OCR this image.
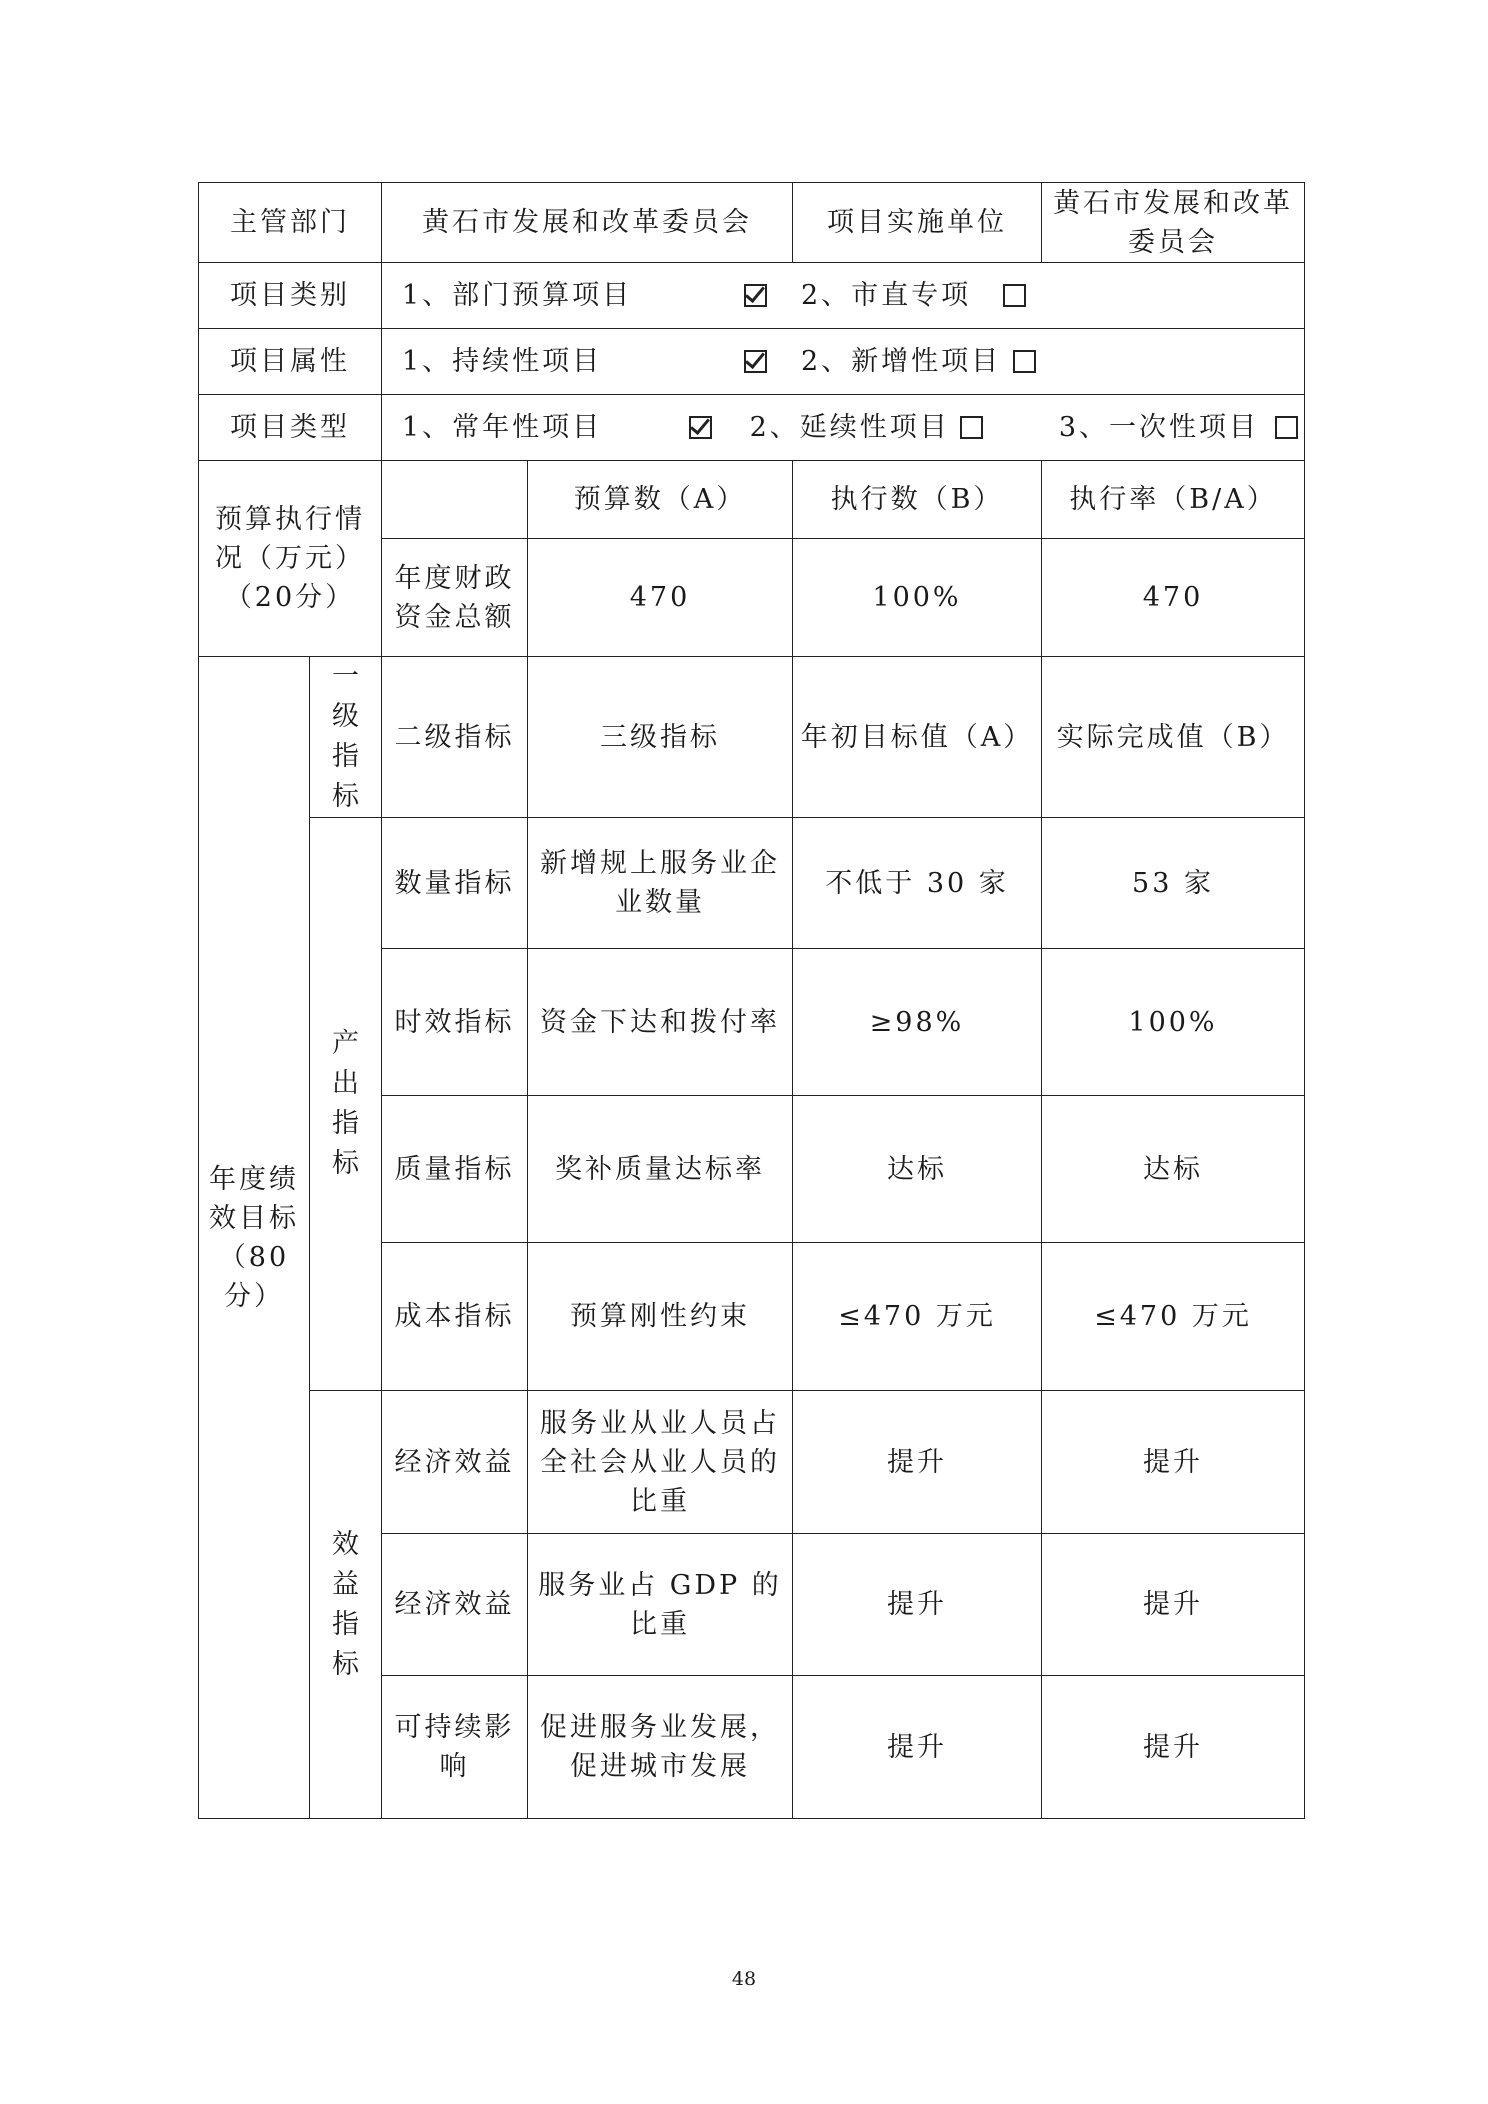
主管部门		黄石市发展和改革委员会		项目实施单位	黄石市发展和改革委员会
项目类别		1、部门预算项目 2、市直专项			

项目属性		1、持续性项目 2、新增性项目			

项目类型		1、常年性项目 2、延续性项目 3、一次性项目			

预算执行情况（万元）（20分）			预算数（A）	执行数（B）	执行率（B/A）
		年度财政资金总额	470	100%	470
年度绩效目标（80分）	一级指标	二级指标	三级指标	年初目标值（A）	实际完成值（B）
	产出指标	数量指标	新增规上服务业企业数量	不低于 30 家	53 家
		时效指标	资金下达和拨付率	≥98%	100%
		质量指标	奖补质量达标率	达标	达标
		成本指标	预算刚性约束	≤470 万元	≤470 万元
	效益指标	经济效益	服务业从业人员占全社会从业人员的比重	提升	提升
		经济效益	服务业占 GDP 的比重	提升	提升
		可持续影响	促进服务业发展，促进城市发展	提升	提升
48
